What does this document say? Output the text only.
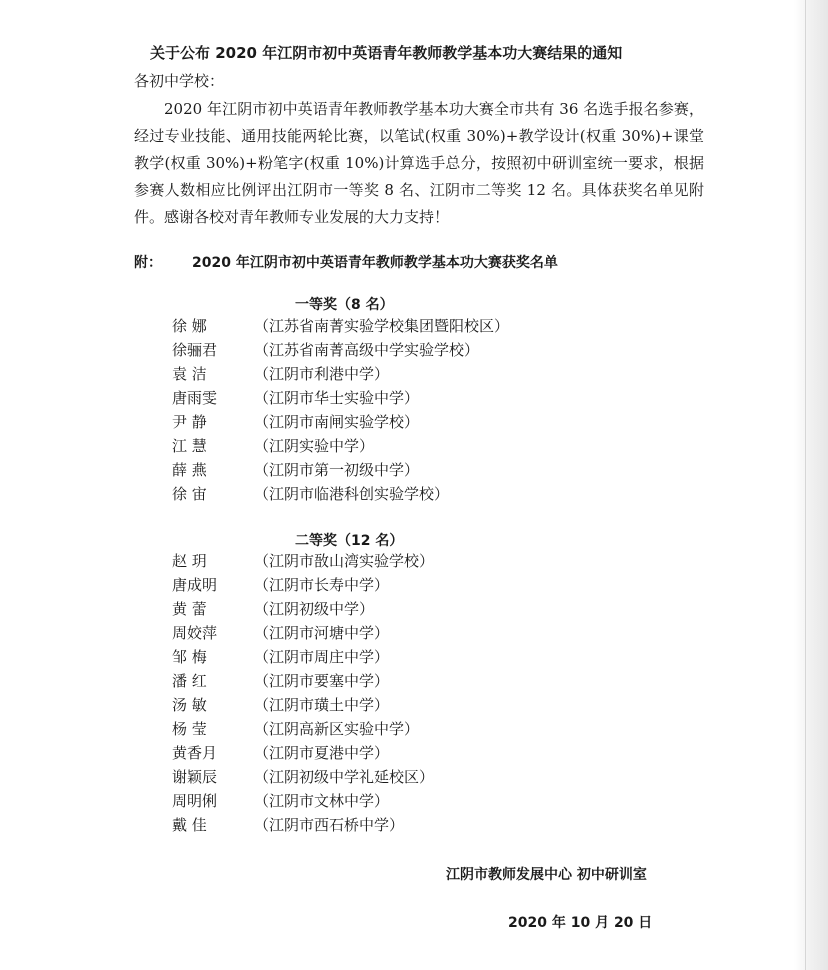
关于公布 2020 年江阴市初中英语青年教师教学基本功大赛结果的通知
各初中学校：
2020 年江阴市初中英语青年教师教学基本功大赛全市共有 36 名选手报名参赛，经过专业技能、通用技能两轮比赛，以笔试(权重 30%)+教学设计(权重 30%)+课堂教学(权重 30%)+粉笔字(权重 10%)计算选手总分，按照初中研训室统一要求，根据参赛人数相应比例评出江阴市一等奖 8 名、江阴市二等奖 12 名。具体获奖名单见附件。感谢各校对青年教师专业发展的大力支持！
附： 2020 年江阴市初中英语青年教师教学基本功大赛获奖名单
一等奖（8 名）
徐 娜	（江苏省南菁实验学校集团暨阳校区）
徐骊君 （江苏省南菁高级中学实验学校）
袁 洁	（江阴市利港中学）
唐雨雯 （江阴市华士实验中学）
尹 静	（江阴市南闸实验学校）
江 慧	（江阴实验中学）
薛 燕	（江阴市第一初级中学）
徐 宙	（江阴市临港科创实验学校）
二等奖（12 名）
赵 玥	（江阴市敔山湾实验学校）
唐成明 （江阴市长寿中学）
黄 蕾	（江阴初级中学）
周姣萍 （江阴市河塘中学）
邹 梅	（江阴市周庄中学）
潘 红	（江阴市要塞中学）
汤 敏	（江阴市璜土中学）
杨 莹	（江阴高新区实验中学）
黄香月 （江阴市夏港中学）
谢颖辰 （江阴初级中学礼延校区）
周明俐 （江阴市文林中学）
戴 佳	（江阴市西石桥中学）
江阴市教师发展中心 初中研训室
2020 年 10 月 20 日
